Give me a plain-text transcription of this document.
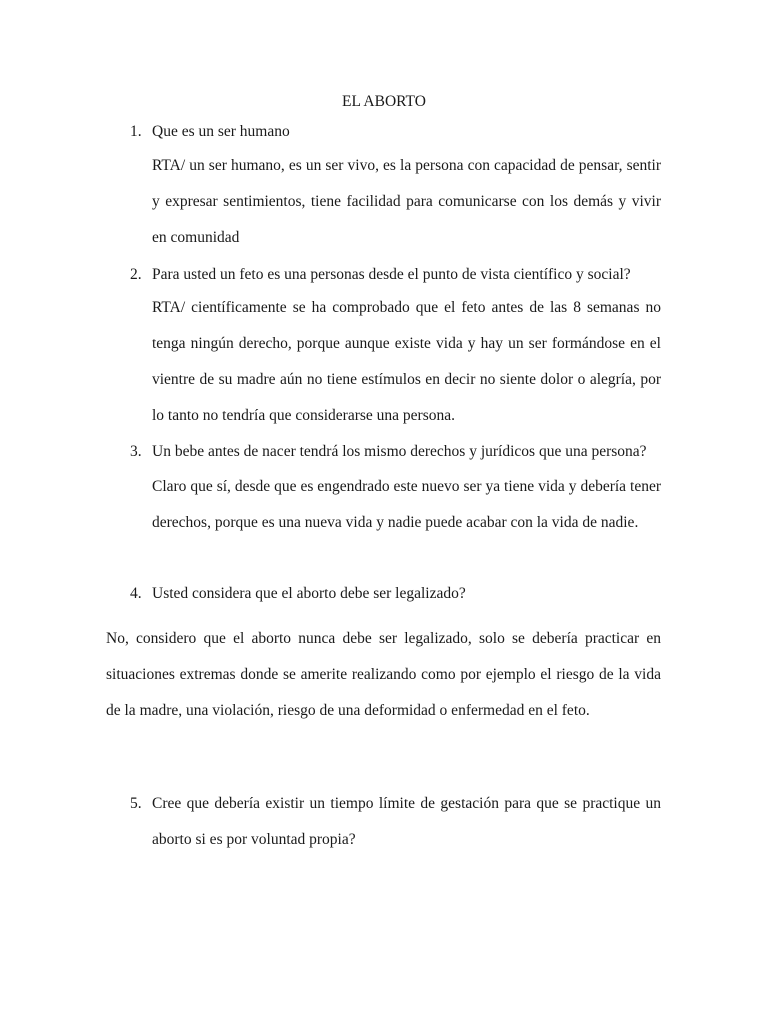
EL ABORTO
1. Que es un ser humano
RTA/ un ser humano, es un ser vivo, es la persona con capacidad de pensar, sentir y expresar sentimientos, tiene facilidad para comunicarse con los demás y vivir en comunidad
2. Para usted un feto es una personas desde el punto de vista científico y social?
RTA/ científicamente se ha comprobado que el feto antes de las 8 semanas no tenga ningún derecho, porque aunque existe vida y hay un ser formándose en el vientre de su madre aún no tiene estímulos en decir no siente dolor o alegría, por lo tanto no tendría que considerarse una persona.
3. Un bebe antes de nacer tendrá los mismo derechos y jurídicos que una persona?
Claro que sí, desde que es engendrado este nuevo ser ya tiene vida y debería tener derechos, porque es una nueva vida y nadie puede acabar con la vida de nadie.
4. Usted considera que el aborto debe ser legalizado?
No, considero que el aborto nunca debe ser legalizado, solo se debería practicar en situaciones extremas donde se amerite realizando como por ejemplo el riesgo de la vida de la madre, una violación, riesgo de una deformidad o enfermedad en el feto.
5. Cree que debería existir un tiempo límite de gestación para que se practique un aborto si es por voluntad propia?
